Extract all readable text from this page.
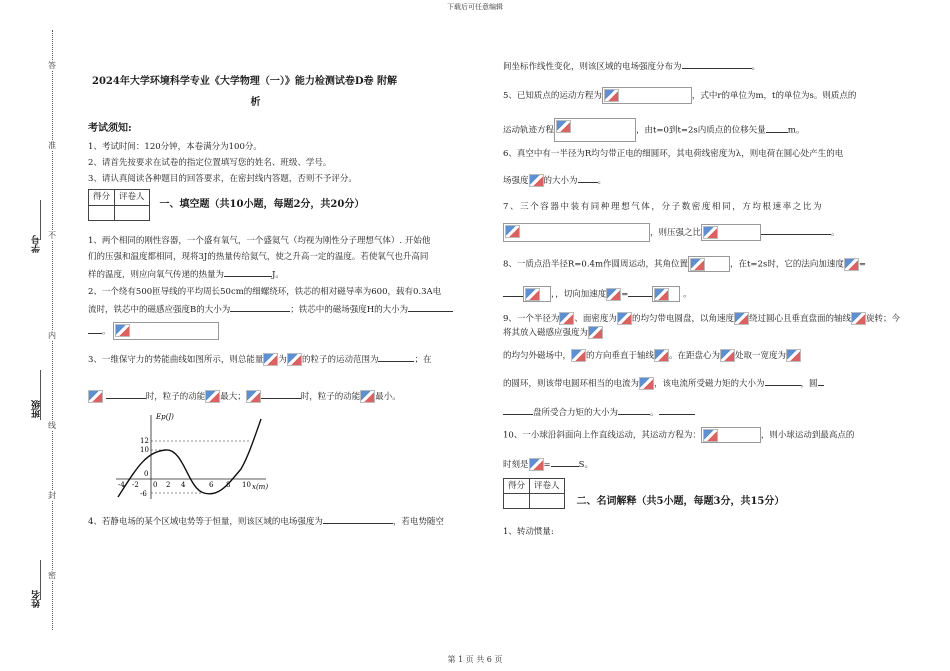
下载后可任意编辑
答
准
不
内
线
封
密
学号
班级
姓名
2024年大学环境科学专业《大学物理（一）》能力检测试卷D卷 附解
析
考试须知:

1、考试时间：120分钟，本卷满分为100分。

2、请首先按要求在试卷的指定位置填写您的姓名、班级、学号。

3、请认真阅读各种题目的回答要求，在密封线内答题，否则不予评分。

得分	评卷人

一、填空题（共10小题，每题2分，共20分）

1、两个相同的刚性容器，一个盛有氧气，一个盛氦气（均视为刚性分子理想气体）. 开始他

们的压强和温度都相同，现将3J的热量传给氦气，使之升高一定的温度。若使氧气也升高同

样的温度，则应向氧气传递的热量为	J。

2、一个绕有500匝导线的平均周长50cm的细螺绕环，铁芯的相对磁导率为600，载有0.3A电

流时，铁芯中的磁感应强度B的大小为	；铁芯中的磁场强度H的大小为

。

3、一维保守力的势能曲线如图所示，则总能量 为 的粒子的运动范围为	；在

时，粒子的动能 最大；	时，粒子的动能 最小。

Ep(J)
x(m)
12
10
0
-6
-4 -2 0 2 4	6 8 10

4、若静电场的某个区域电势等于恒量，则该区域的电场强度为	，若电势随空

间坐标作线性变化，则该区域的电场强度分布为	。

5、已知质点的运动方程为	，式中r的单位为m，t的单位为s。则质点的

运动轨迹方程	，由t=0到t=2s内质点的位移矢量	m。

6、真空中有一半径为R均匀带正电的细圆环，其电荷线密度为λ，则电荷在圆心处产生的电

场强度 的大小为 。

7、三个容器中装有同种理想气体，分子数密度相同，方均根速率之比为

，则压强之比	。

8、一质点沿半径R=0.4m作圆周运动，其角位置	，在t=2s时，它的法向加速度 =

，，切向加速度 =	。

9、一个半径为 、面密度为 的均匀带电圆盘，以角速度 绕过圆心且垂直盘面的轴线 旋转；今将其放入磁感应强度为

的均匀外磁场中， 的方向垂直于轴线 。在距盘心为 处取一宽度为

的圆环，则该带电圆环相当的电流为 ，该电流所受磁力矩的大小为	，圆

盘所受合力矩的大小为	。

10、一小球沿斜面向上作直线运动，其运动方程为：	，则小球运动到最高点的

时刻是 =	S。

得分	评卷人

二、名词解释（共5小题，每题3分，共15分）

1、转动惯量:

第 1 页 共 6 页
